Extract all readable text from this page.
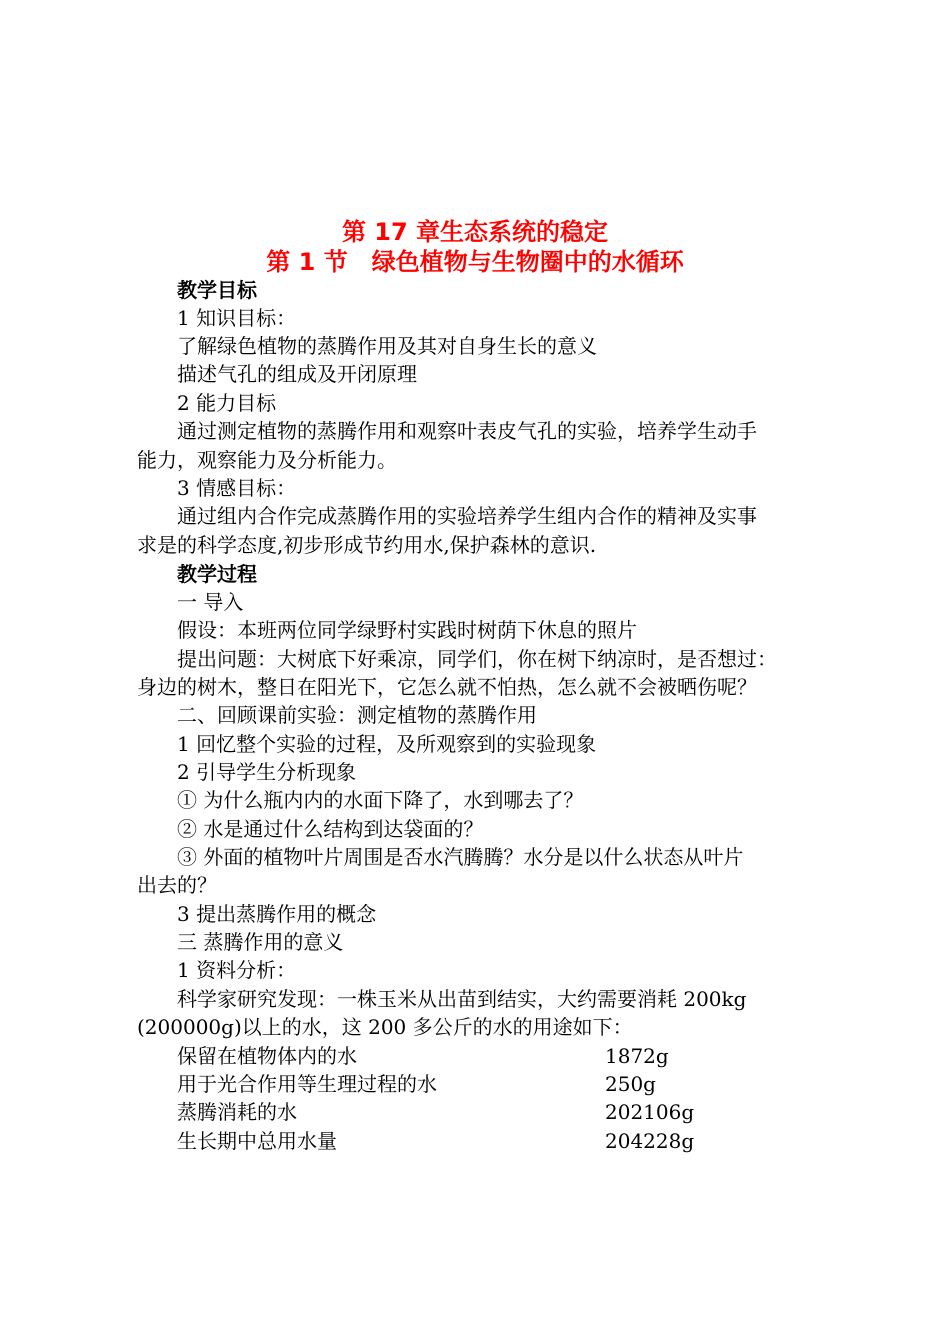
第 17 章生态系统的稳定
第 1 节　绿色植物与生物圈中的水循环
教学目标
1 知识目标：
了解绿色植物的蒸腾作用及其对自身生长的意义
描述气孔的组成及开闭原理
2 能力目标
通过测定植物的蒸腾作用和观察叶表皮气孔的实验，培养学生动手
能力，观察能力及分析能力。
3 情感目标：
通过组内合作完成蒸腾作用的实验培养学生组内合作的精神及实事
求是的科学态度,初步形成节约用水,保护森林的意识.
教学过程
一 导入
假设：本班两位同学绿野村实践时树荫下休息的照片
提出问题：大树底下好乘凉，同学们，你在树下纳凉时，是否想过：
身边的树木，整日在阳光下，它怎么就不怕热，怎么就不会被晒伤呢？
二、回顾课前实验：测定植物的蒸腾作用
1 回忆整个实验的过程，及所观察到的实验现象
2 引导学生分析现象
① 为什么瓶内内的水面下降了，水到哪去了？
② 水是通过什么结构到达袋面的？
③ 外面的植物叶片周围是否水汽腾腾？水分是以什么状态从叶片
出去的？
3 提出蒸腾作用的概念
三 蒸腾作用的意义
1 资料分析：
科学家研究发现：一株玉米从出苗到结实，大约需要消耗 200kg
(200000g)以上的水，这 200 多公斤的水的用途如下：
保留在植物体内的水	1872g
用于光合作用等生理过程的水	250g
蒸腾消耗的水	202106g
生长期中总用水量	204228g
